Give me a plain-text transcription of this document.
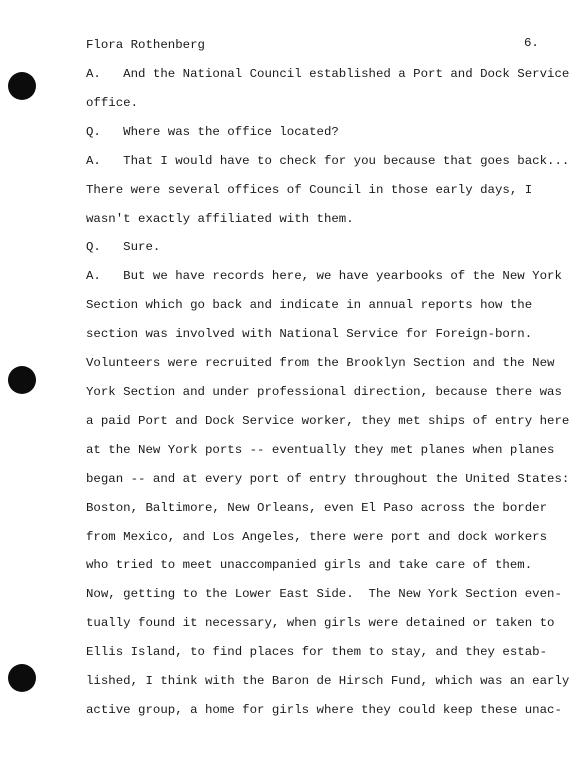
Flora Rothenberg	6.
A.   And the National Council established a Port and Dock Service
office.
Q.   Where was the office located?
A.   That I would have to check for you because that goes back...
There were several offices of Council in those early days, I
wasn't exactly affiliated with them.
Q.   Sure.
A.   But we have records here, we have yearbooks of the New York
Section which go back and indicate in annual reports how the
section was involved with National Service for Foreign-born.
Volunteers were recruited from the Brooklyn Section and the New
York Section and under professional direction, because there was
a paid Port and Dock Service worker, they met ships of entry here
at the New York ports -- eventually they met planes when planes
began -- and at every port of entry throughout the United States:
Boston, Baltimore, New Orleans, even El Paso across the border
from Mexico, and Los Angeles, there were port and dock workers
who tried to meet unaccompanied girls and take care of them.
Now, getting to the Lower East Side.  The New York Section even-
tually found it necessary, when girls were detained or taken to
Ellis Island, to find places for them to stay, and they estab-
lished, I think with the Baron de Hirsch Fund, which was an early
active group, a home for girls where they could keep these unac-
